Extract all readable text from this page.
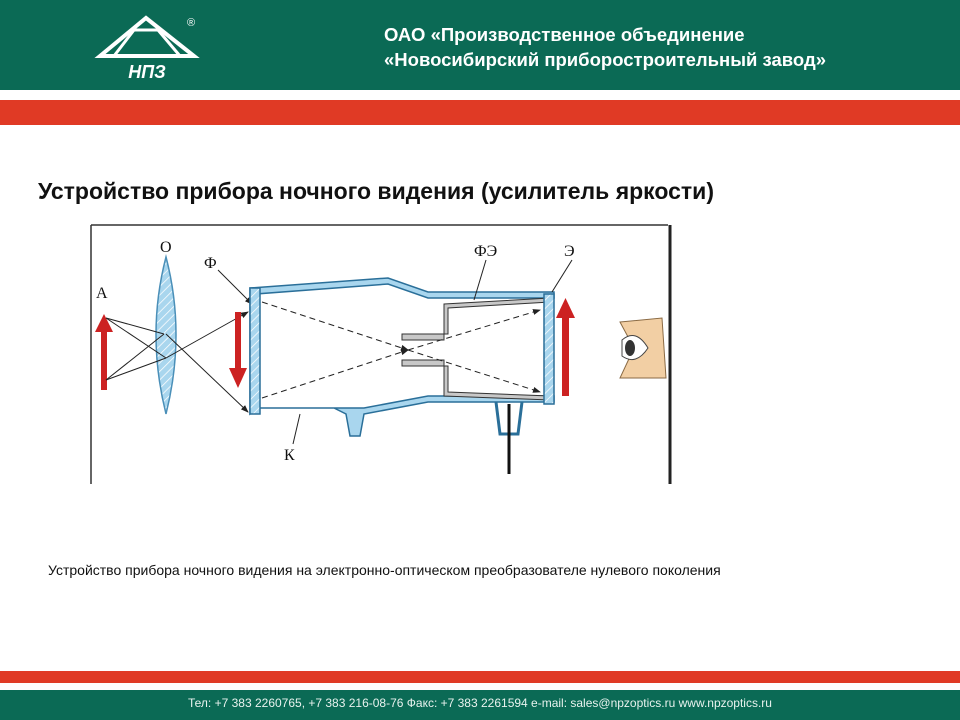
НПЗ
®
ОАО «Производственное объединение
«Новосибирский приборостроительный завод»
Устройство прибора ночного видения (усилитель яркости)
А
О
Ф
ФЭ	Э
К
Устройство прибора ночного видения на электронно-оптическом преобразователе нулевого поколения
Тел: +7 383 2260765, +7 383 216-08-76 Факс: +7 383 2261594 e-mail: sales@npzoptics.ru www.npzoptics.ru
